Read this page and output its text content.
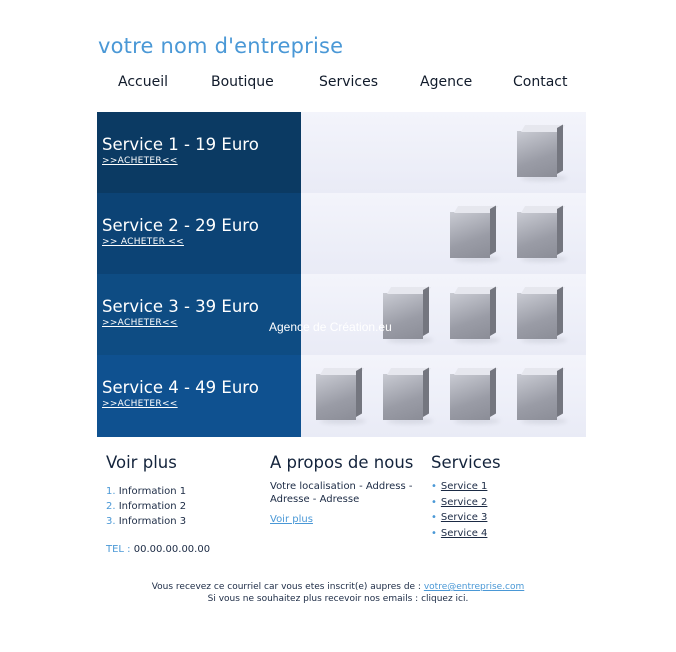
votre nom d'entreprise
Accueil	Boutique	Services	Agence	Contact
Service 1 - 19 Euro
>>ACHETER<<
Service 2 - 29 Euro
>> ACHETER <<
Service 3 - 39 Euro
>>ACHETER<<
Service 4 - 49 Euro
>>ACHETER<<
Agence de Création.eu
Voir plus
1. Information 1
2. Information 2
3. Information 3
TEL : 00.00.00.00.00
A propos de nous
Votre localisation - Address - Adresse - Adresse
Voir plus
Services
• Service 1
• Service 2
• Service 3
• Service 4
Vous recevez ce courriel car vous etes inscrit(e) aupres de : votre@entreprise.com
Si vous ne souhaitez plus recevoir nos emails : cliquez ici.
